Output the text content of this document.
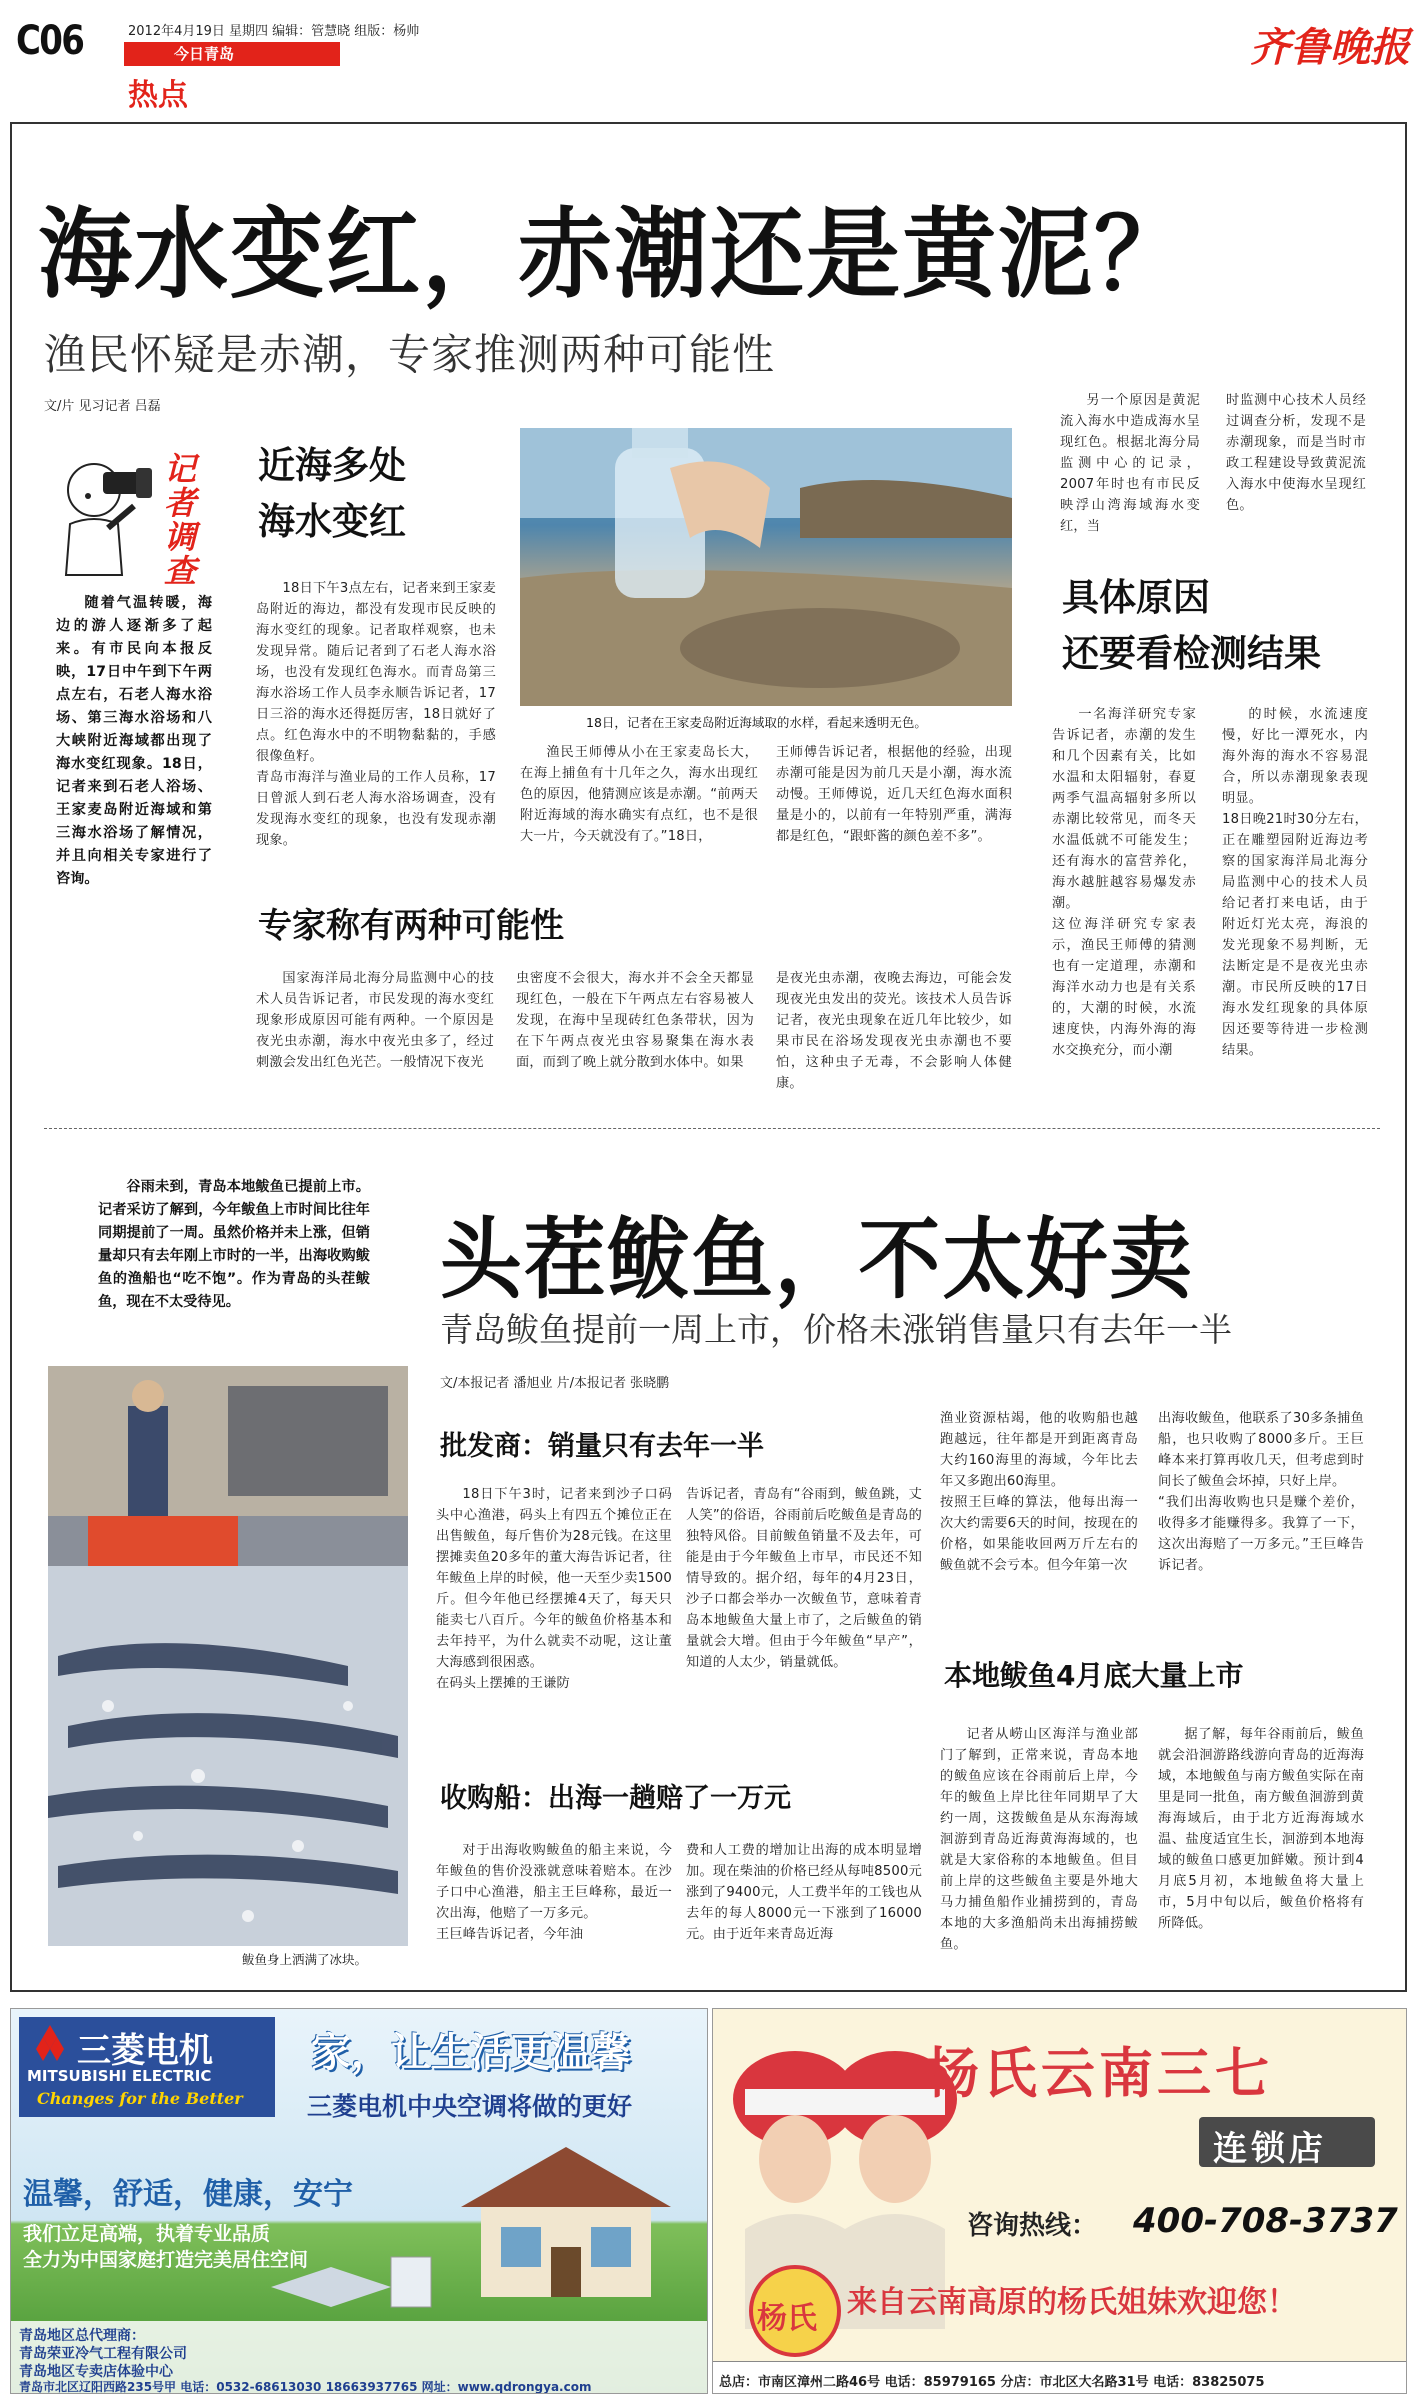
C06	2012年4月19日 星期四 编辑：管慧晓 组版：杨帅
今日青岛
热点
齐鲁晚报
海水变红，赤潮还是黄泥？
渔民怀疑是赤潮，专家推测两种可能性
文/片 见习记者 吕磊
记者调查
随着气温转暖，海边的游人逐渐多了起来。有市民向本报反映，17日中午到下午两点左右，石老人海水浴场、第三海水浴场和八大峡附近海域都出现了海水变红现象。18日，记者来到石老人浴场、王家麦岛附近海域和第三海水浴场了解情况，并且向相关专家进行了咨询。
近海多处
海水变红
18日下午3点左右，记者来到王家麦岛附近的海边，都没有发现市民反映的海水变红的现象。记者取样观察，也未发现异常。随后记者到了石老人海水浴场，也没有发现红色海水。而青岛第三海水浴场工作人员李永顺告诉记者，17日三浴的海水还得挺厉害，18日就好了点。红色海水中的不明物黏黏的，手感很像鱼籽。
青岛市海洋与渔业局的工作人员称，17日曾派人到石老人海水浴场调查，没有发现海水变红的现象，也没有发现赤潮现象。
18日，记者在王家麦岛附近海域取的水样，看起来透明无色。
渔民王师傅从小在王家麦岛长大，在海上捕鱼有十几年之久，海水出现红色的原因，他猜测应该是赤潮。“前两天附近海域的海水确实有点红，也不是很大一片，今天就没有了。”18日，
王师傅告诉记者，根据他的经验，出现赤潮可能是因为前几天是小潮，海水流动慢。王师傅说，近几天红色海水面积量是小的，以前有一年特别严重，满海都是红色，“跟虾酱的颜色差不多”。
专家称有两种可能性
国家海洋局北海分局监测中心的技术人员告诉记者，市民发现的海水变红现象形成原因可能有两种。一个原因是夜光虫赤潮，海水中夜光虫多了，经过刺激会发出红色光芒。一般情况下夜光
虫密度不会很大，海水并不会全天都显现红色，一般在下午两点左右容易被人发现，在海中呈现砖红色条带状，因为在下午两点夜光虫容易聚集在海水表面，而到了晚上就分散到水体中。如果
是夜光虫赤潮，夜晚去海边，可能会发现夜光虫发出的荧光。该技术人员告诉记者，夜光虫现象在近几年比较少，如果市民在浴场发现夜光虫赤潮也不要怕，这种虫子无毒，不会影响人体健康。
另一个原因是黄泥流入海水中造成海水呈现红色。根据北海分局监测中心的记录，2007年时也有市民反映浮山湾海域海水变红，当
时监测中心技术人员经过调查分析，发现不是赤潮现象，而是当时市政工程建设导致黄泥流入海水中使海水呈现红色。
具体原因
还要看检测结果
一名海洋研究专家告诉记者，赤潮的发生和几个因素有关，比如水温和太阳辐射，春夏两季气温高辐射多所以赤潮比较常见，而冬天水温低就不可能发生；还有海水的富营养化，海水越脏越容易爆发赤潮。
这位海洋研究专家表示，渔民王师傅的猜测也有一定道理，赤潮和海洋水动力也是有关系的，大潮的时候，水流速度快，内海外海的海水交换充分，而小潮
的时候，水流速度慢，好比一潭死水，内海外海的海水不容易混合，所以赤潮现象表现明显。
18日晚21时30分左右，正在雕塑园附近海边考察的国家海洋局北海分局监测中心的技术人员给记者打来电话，由于附近灯光太亮，海浪的发光现象不易判断，无法断定是不是夜光虫赤潮。市民所反映的17日海水发红现象的具体原因还要等待进一步检测结果。
谷雨未到，青岛本地鲅鱼已提前上市。记者采访了解到，今年鲅鱼上市时间比往年同期提前了一周。虽然价格并未上涨，但销量却只有去年刚上市时的一半，出海收购鲅鱼的渔船也“吃不饱”。作为青岛的头茬鲅鱼，现在不太受待见。	头茬鲅鱼，不太好卖
青岛鲅鱼提前一周上市，价格未涨销售量只有去年一半
文/本报记者 潘旭业 片/本报记者 张晓鹏
鲅鱼身上洒满了冰块。
批发商：销量只有去年一半
18日下午3时，记者来到沙子口码头中心渔港，码头上有四五个摊位正在出售鲅鱼，每斤售价为28元钱。在这里摆摊卖鱼20多年的董大海告诉记者，往年鲅鱼上岸的时候，他一天至少卖1500斤。但今年他已经摆摊4天了，每天只能卖七八百斤。今年的鲅鱼价格基本和去年持平，为什么就卖不动呢，这让董大海感到很困惑。
在码头上摆摊的王谦防
告诉记者，青岛有“谷雨到，鲅鱼跳，丈人笑”的俗语，谷雨前后吃鲅鱼是青岛的独特风俗。目前鲅鱼销量不及去年，可能是由于今年鲅鱼上市早，市民还不知情导致的。据介绍，每年的4月23日，沙子口都会举办一次鲅鱼节，意味着青岛本地鲅鱼大量上市了，之后鲅鱼的销量就会大增。但由于今年鲅鱼“早产”，知道的人太少，销量就低。
收购船：出海一趟赔了一万元
对于出海收购鲅鱼的船主来说，今年鲅鱼的售价没涨就意味着赔本。在沙子口中心渔港，船主王巨峰称，最近一次出海，他赔了一万多元。
王巨峰告诉记者，今年油
费和人工费的增加让出海的成本明显增加。现在柴油的价格已经从每吨8500元涨到了9400元，人工费半年的工钱也从去年的每人8000元一下涨到了16000元。由于近年来青岛近海
渔业资源枯竭，他的收购船也越跑越远，往年都是开到距离青岛大约160海里的海域，今年比去年又多跑出60海里。
按照王巨峰的算法，他每出海一次大约需要6天的时间，按现在的价格，如果能收回两万斤左右的鲅鱼就不会亏本。但今年第一次
出海收鲅鱼，他联系了30多条捕鱼船，也只收购了8000多斤。王巨峰本来打算再收几天，但考虑到时间长了鲅鱼会坏掉，只好上岸。
“我们出海收购也只是赚个差价，收得多才能赚得多。我算了一下，这次出海赔了一万多元。”王巨峰告诉记者。
本地鲅鱼4月底大量上市
记者从崂山区海洋与渔业部门了解到，正常来说，青岛本地的鲅鱼应该在谷雨前后上岸，今年的鲅鱼上岸比往年同期早了大约一周，这拨鲅鱼是从东海海域洄游到青岛近海黄海海域的，也就是大家俗称的本地鲅鱼。但目前上岸的这些鲅鱼主要是外地大马力捕鱼船作业捕捞到的，青岛本地的大多渔船尚未出海捕捞鲅鱼。
据了解，每年谷雨前后，鲅鱼就会沿洄游路线游向青岛的近海海域，本地鲅鱼与南方鲅鱼实际在南里是同一批鱼，南方鲅鱼洄游到黄海海域后，由于北方近海海域水温、盐度适宜生长，洄游到本地海域的鲅鱼口感更加鲜嫩。预计到4月底5月初，本地鲅鱼将大量上市，5月中旬以后，鲅鱼价格将有所降低。
三菱电机
MITSUBISHI ELECTRIC
Changes for the Better
家，让生活更温馨
三菱电机中央空调将做的更好
温馨，舒适，健康，安宁
我们立足高端，执着专业品质
全力为中国家庭打造完美居住空间
青岛地区总代理商：
青岛荣亚冷气工程有限公司
青岛地区专卖店体验中心
青岛市北区辽阳西路235号甲 电话：0532-68613030 18663937765 网址：www.qdrongya.com
杨氏
杨氏云南三七
连锁店
咨询热线： 400-708-3737
来自云南高原的杨氏姐妹欢迎您！
总店：市南区漳州二路46号 电话：85979165 分店：市北区大名路31号 电话：83825075
